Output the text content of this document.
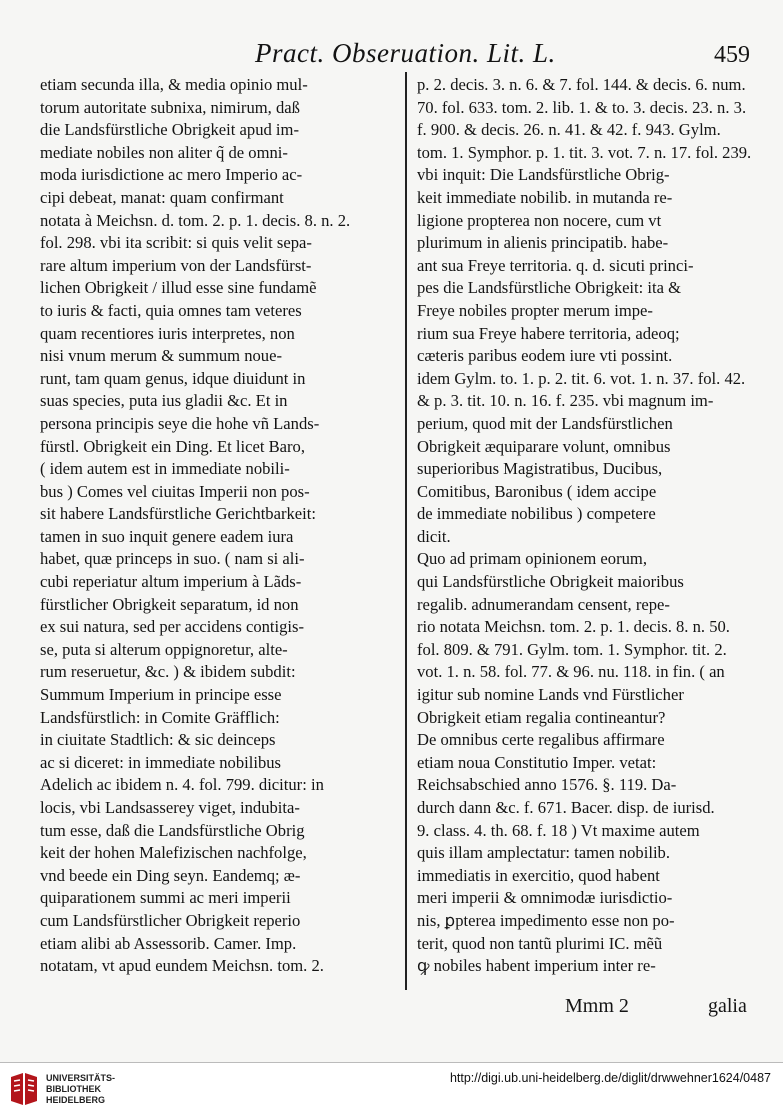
Pract. Obseruation. Lit. L.	459
etiam secunda illa, & media opinio mul-
torum autoritate subnixa, nimirum, daß
die Landsfürstliche Obrigkeit apud im-
mediate nobiles non aliter q̃ de omni-
moda iurisdictione ac mero Imperio ac-
cipi debeat, manat: quam confirmant
notata à Meichsn. d. tom. 2. p. 1. decis. 8. n. 2.
fol. 298. vbi ita scribit: si quis velit sepa-
rare altum imperium von der Landsfürst-
lichen Obrigkeit / illud esse sine fundamẽ
to iuris & facti, quia omnes tam veteres
quam recentiores iuris interpretes, non
nisi vnum merum & summum noue-
runt, tam quam genus, idque diuidunt in
suas species, puta ius gladii &c. Et in
persona principis seye die hohe vñ Lands-
fürstl. Obrigkeit ein Ding. Et licet Baro,
( idem autem est in immediate nobili-
bus ) Comes vel ciuitas Imperii non pos-
sit habere Landsfürstliche Gerichtbarkeit:
tamen in suo inquit genere eadem iura
habet, quæ princeps in suo. ( nam si ali-
cubi reperiatur altum imperium à Lãds-
fürstlicher Obrigkeit separatum, id non
ex sui natura, sed per accidens contigis-
se, puta si alterum oppignoretur, alte-
rum reseruetur, &c. ) & ibidem subdit:
Summum Imperium in principe esse
Landsfürstlich: in Comite Gräfflich:
in ciuitate Stadtlich: & sic deinceps
ac si diceret: in immediate nobilibus
Adelich ac ibidem n. 4. fol. 799. dicitur: in
locis, vbi Landsasserey viget, indubita-
tum esse, daß die Landsfürstliche Obrig
keit der hohen Malefizischen nachfolge,
vnd beede ein Ding seyn. Eandemq; æ-
quiparationem summi ac meri imperii
cum Landsfürstlicher Obrigkeit reperio
etiam alibi ab Assessorib. Camer. Imp.
notatam, vt apud eundem Meichsn. tom. 2.
p. 2. decis. 3. n. 6. & 7. fol. 144. & decis. 6. num.
70. fol. 633. tom. 2. lib. 1. & to. 3. decis. 23. n. 3.
f. 900. & decis. 26. n. 41. & 42. f. 943. Gylm.
tom. 1. Symphor. p. 1. tit. 3. vot. 7. n. 17. fol. 239.
vbi inquit: Die Landsfürstliche Obrig-
keit immediate nobilib. in mutanda re-
ligione propterea non nocere, cum vt
plurimum in alienis principatib. habe-
ant sua Freye territoria. q. d. sicuti princi-
pes die Landsfürstliche Obrigkeit: ita &
Freye nobiles propter merum impe-
rium sua Freye habere territoria, adeoq;
cæteris paribus eodem iure vti possint.
idem Gylm. to. 1. p. 2. tit. 6. vot. 1. n. 37. fol. 42.
& p. 3. tit. 10. n. 16. f. 235. vbi magnum im-
perium, quod mit der Landsfürstlichen
Obrigkeit æquiparare volunt, omnibus
superioribus Magistratibus, Ducibus,
Comitibus, Baronibus ( idem accipe
de immediate nobilibus ) competere
dicit.
Quo ad primam opinionem eorum,
qui Landsfürstliche Obrigkeit maioribus
regalib. adnumerandam censent, repe-
rio notata Meichsn. tom. 2. p. 1. decis. 8. n. 50.
fol. 809. & 791. Gylm. tom. 1. Symphor. tit. 2.
vot. 1. n. 58. fol. 77. & 96. nu. 118. in fin. ( an
igitur sub nomine Lands vnd Fürstlicher
Obrigkeit etiam regalia contineantur?
De omnibus certe regalibus affirmare
etiam noua Constitutio Imper. vetat:
Reichsabschied anno 1576. §. 119. Da-
durch dann &c. f. 671. Bacer. disp. de iurisd.
9. class. 4. th. 68. f. 18 ) Vt maxime autem
quis illam amplectatur: tamen nobilib.
immediatis in exercitio, quod habent
meri imperii & omnimodæ iurisdictio-
nis, ꝑpterea impedimento esse non po-
terit, quod non tantũ plurimi IC. mẽũ
ꝙ nobiles habent imperium inter re-
Mmm 2	galia
UNIVERSITÄTS-
BIBLIOTHEK
HEIDELBERG
http://digi.ub.uni-heidelberg.de/diglit/drwwehner1624/0487
